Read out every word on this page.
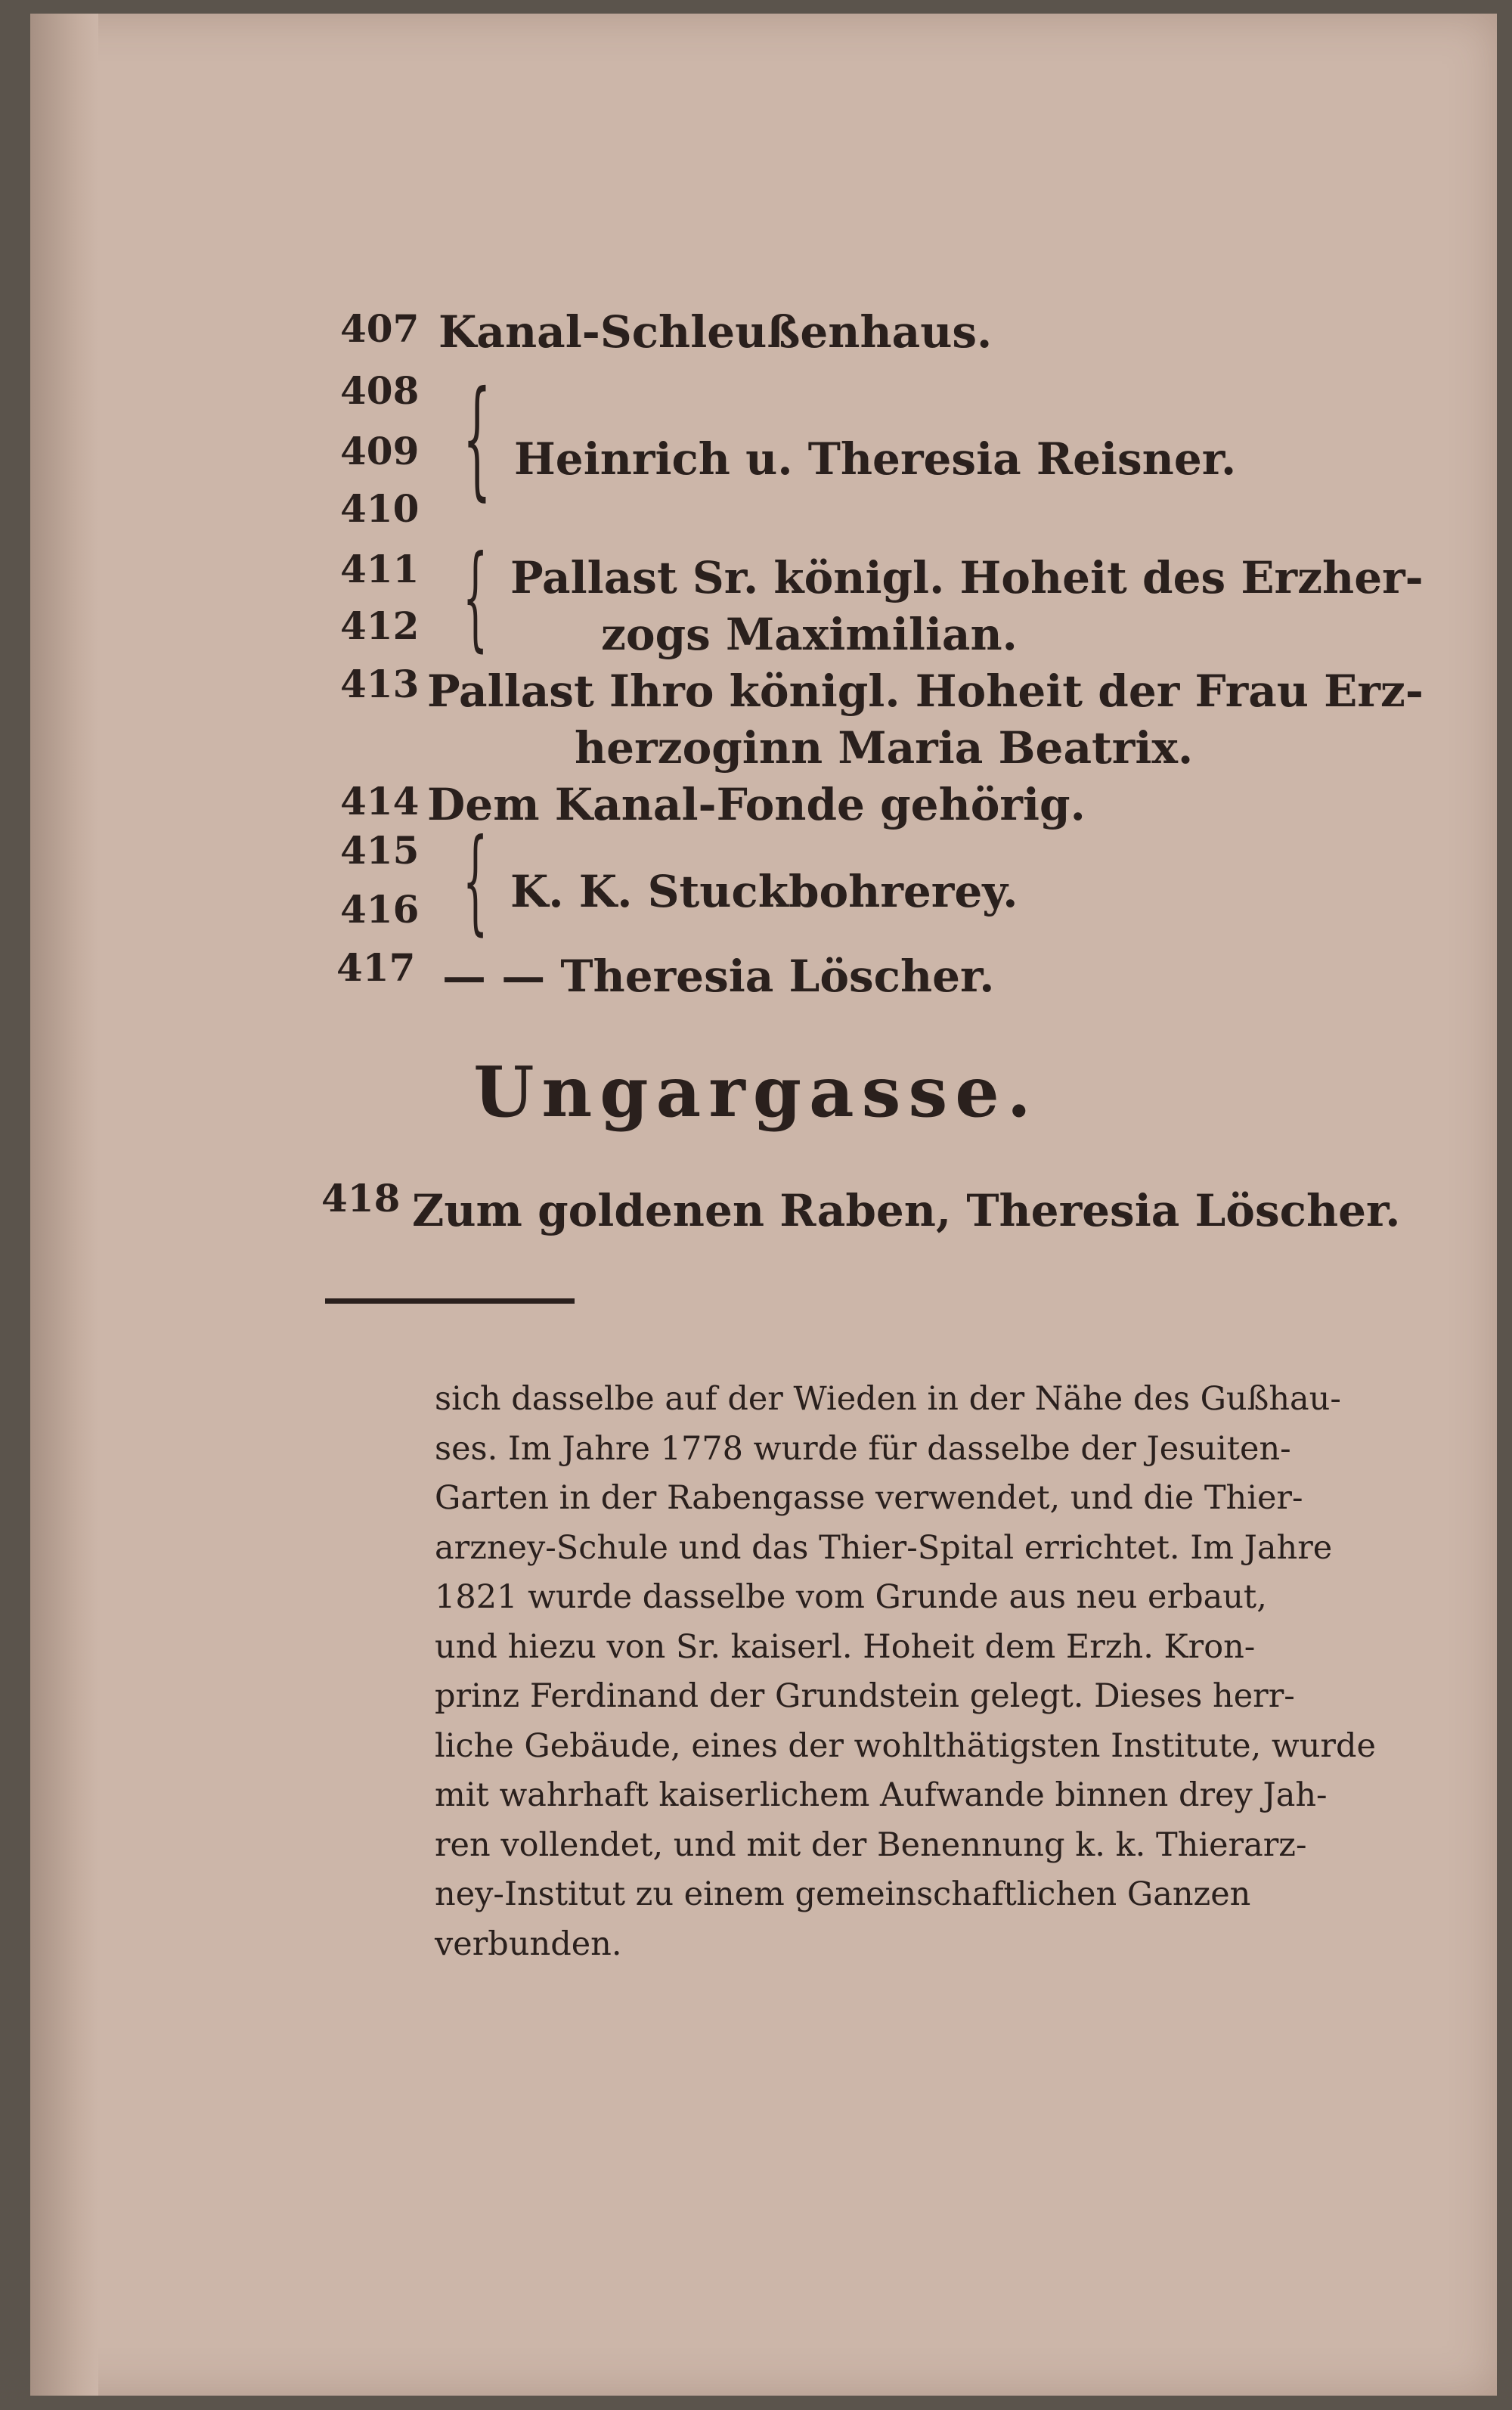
407 Kanal-Schleußenhaus.
408
409
410 { Heinrich u. Theresia Reisner.
411
412 { Pallast Sr. königl. Hoheit des Erzher-
zogs Maximilian.
413 Pallast Ihro königl. Hoheit der Frau Erz-
herzoginn Maria Beatrix.
414 Dem Kanal-Fonde gehörig.
415
416 { K. K. Stuckbohrerey.
417 — — Theresia Löscher.
Ungargasse.
418 Zum goldenen Raben, Theresia Löscher.
sich dasselbe auf der Wieden in der Nähe des Gußhau-
ses. Im Jahre 1778 wurde für dasselbe der Jesuiten-
Garten in der Rabengasse verwendet, und die Thier-
arzney-Schule und das Thier-Spital errichtet. Im Jahre
1821 wurde dasselbe vom Grunde aus neu erbaut,
und hiezu von Sr. kaiserl. Hoheit dem Erzh. Kron-
prinz Ferdinand der Grundstein gelegt. Dieses herr-
liche Gebäude, eines der wohlthätigsten Institute, wurde
mit wahrhaft kaiserlichem Aufwande binnen drey Jah-
ren vollendet, und mit der Benennung k. k. Thierarz-
ney-Institut zu einem gemeinschaftlichen Ganzen
verbunden.
